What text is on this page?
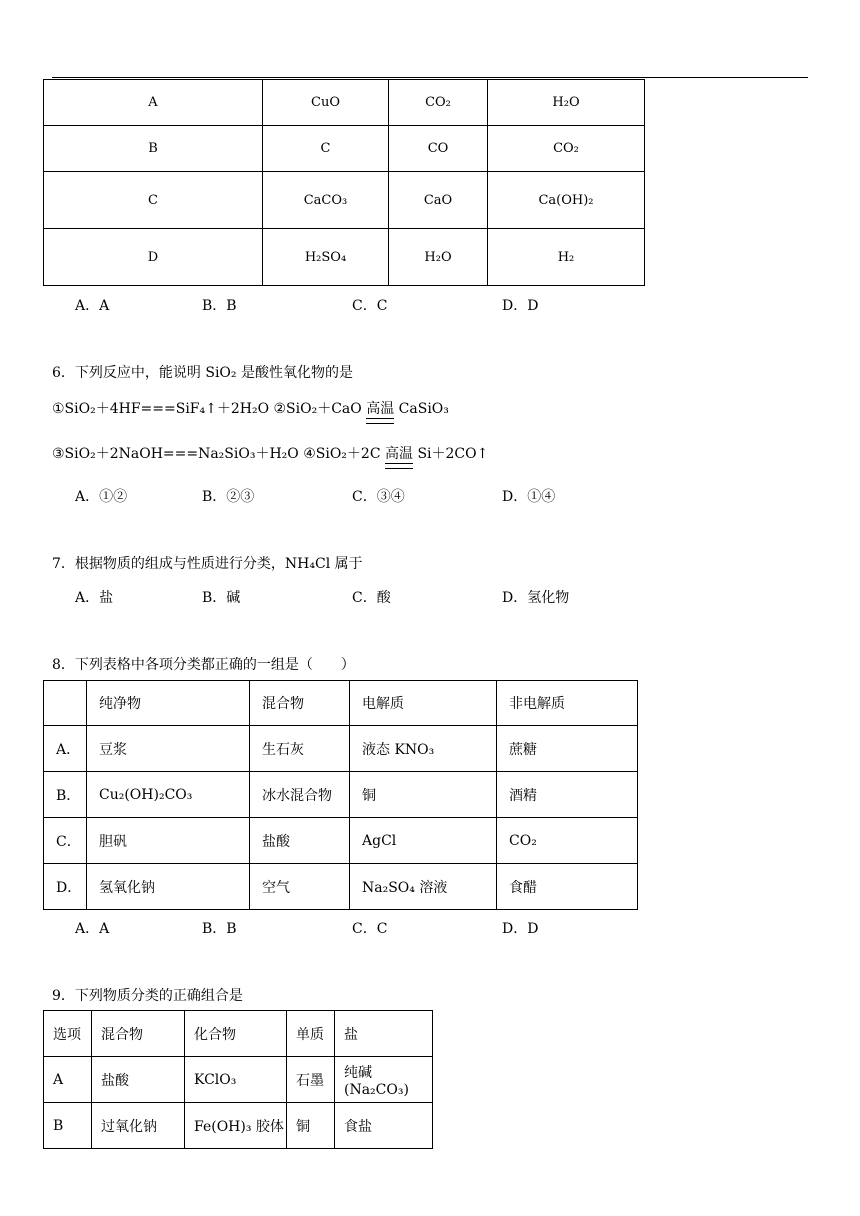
A	CuO	CO₂	H₂O
B	C	CO	CO₂
C	CaCO₃	CaO	Ca(OH)₂
D	H₂SO₄	H₂O	H₂
A．A	B．B	C．C	D．D
6．下列反应中，能说明 SiO₂ 是酸性氧化物的是
①SiO₂＋4HF===SiF₄↑＋2H₂O ②SiO₂＋CaO 高温 CaSiO₃
③SiO₂＋2NaOH===Na₂SiO₃＋H₂O ④SiO₂＋2C 高温 Si＋2CO↑
A．①②	B．②③	C．③④	D．①④
7．根据物质的组成与性质进行分类，NH₄Cl 属于
A．盐	B．碱	C．酸	D．氢化物
8．下列表格中各项分类都正确的一组是（　　）
	纯净物	混合物	电解质	非电解质
A．	豆浆	生石灰	液态 KNO₃	蔗糖
B．	Cu₂(OH)₂CO₃	冰水混合物	铜	酒精
C．	胆矾	盐酸	AgCl	CO₂
D．	氢氧化钠	空气	Na₂SO₄ 溶液	食醋
A．A	B．B	C．C	D．D
9．下列物质分类的正确组合是
选项	混合物	化合物	单质	盐
A	盐酸	KClO₃	石墨	纯碱(Na₂CO₃)
B	过氧化钠	Fe(OH)₃ 胶体	铜	食盐
